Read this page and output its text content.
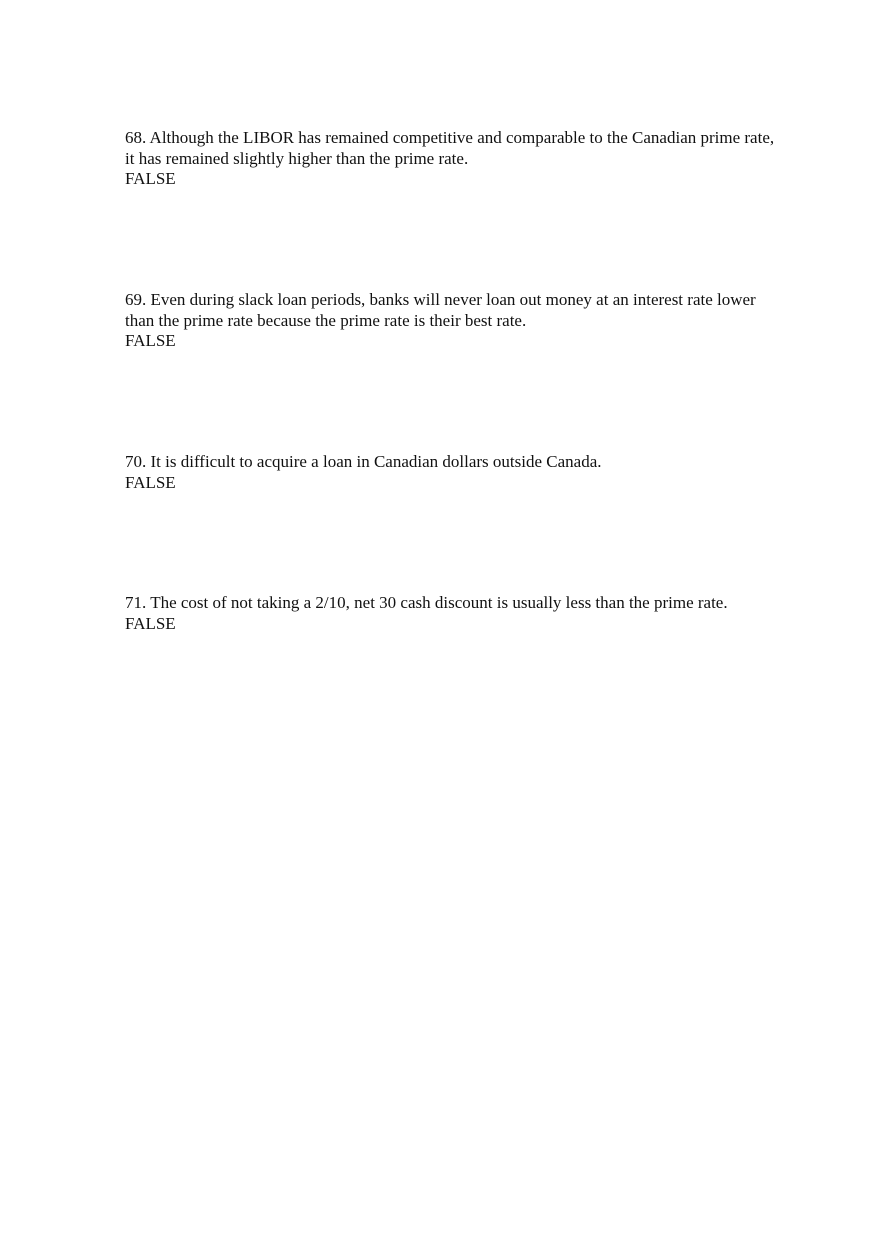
68. Although the LIBOR has remained competitive and comparable to the Canadian prime rate, it has remained slightly higher than the prime rate.

FALSE

69. Even during slack loan periods, banks will never loan out money at an interest rate lower than the prime rate because the prime rate is their best rate.

FALSE

70. It is difficult to acquire a loan in Canadian dollars outside Canada.

FALSE

71. The cost of not taking a 2/10, net 30 cash discount is usually less than the prime rate.

FALSE
